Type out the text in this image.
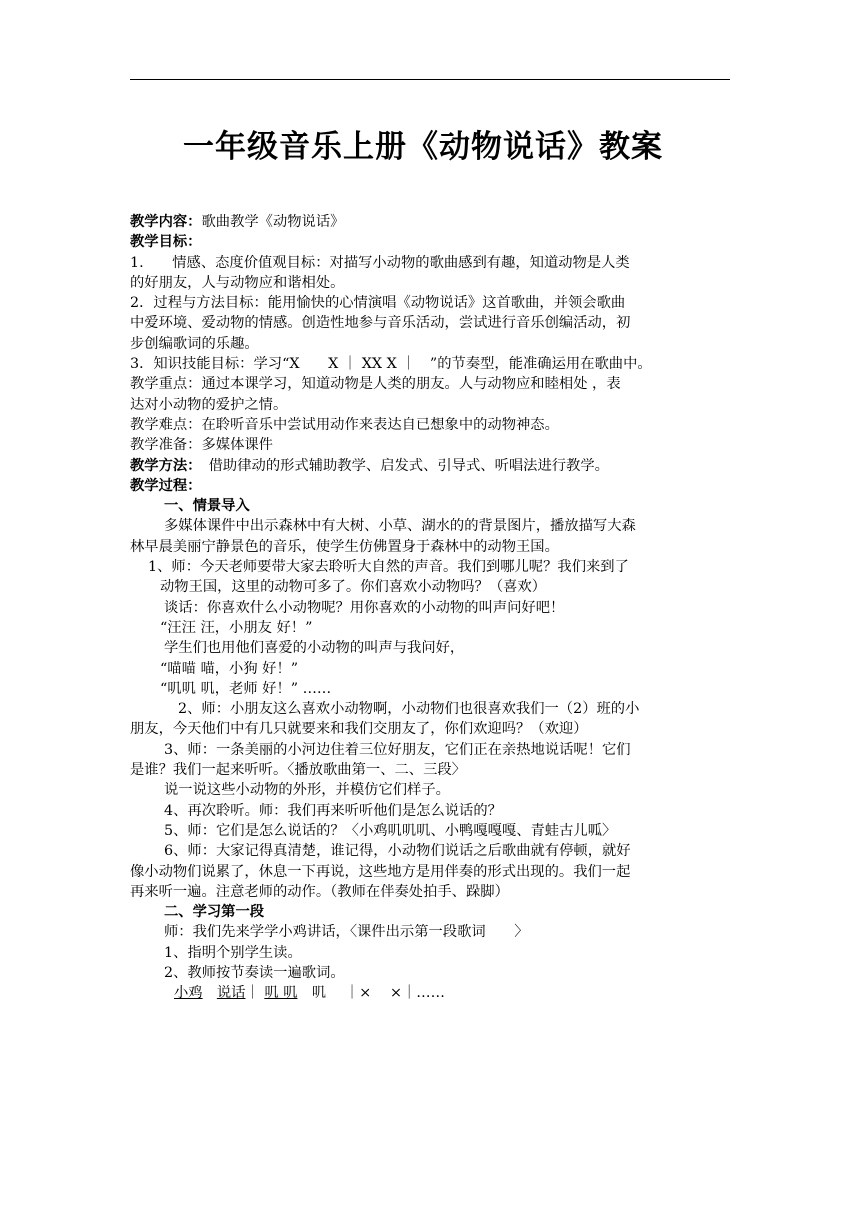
一年级音乐上册《动物说话》教案

教学内容：歌曲教学《动物说话》

教学目标：

1.　　情感、态度价值观目标：对描写小动物的歌曲感到有趣，知道动物是人类

的好朋友，人与动物应和谐相处。

2．过程与方法目标：能用愉快的心情演唱《动物说话》这首歌曲，并领会歌曲

中爱环境、爱动物的情感。创造性地参与音乐活动，尝试进行音乐创编活动，初

步创编歌词的乐趣。

3．知识技能目标：学习“X　　X ｜ XX X ｜　”的节奏型，能准确运用在歌曲中。

教学重点：通过本课学习，知道动物是人类的朋友。人与动物应和睦相处 ，表

达对小动物的爱护之情。

教学难点：在聆听音乐中尝试用动作来表达自已想象中的动物神态。

教学准备：多媒体课件

教学方法：　借助律动的形式辅助教学、启发式、引导式、听唱法进行教学。

教学过程：

一、情景导入

多媒体课件中出示森林中有大树、小草、湖水的的背景图片，播放描写大森

林早晨美丽宁静景色的音乐，使学生仿佛置身于森林中的动物王国。

1、师：今天老师要带大家去聆听大自然的声音。我们到哪儿呢？我们来到了

动物王国，这里的动物可多了。你们喜欢小动物吗？（喜欢）

谈话：你喜欢什么小动物呢？用你喜欢的小动物的叫声问好吧！

“汪汪 汪，小朋友 好！”

学生们也用他们喜爱的小动物的叫声与我问好，

“喵喵 喵，小狗 好！”

“叽叽 叽，老师 好！” ……

2、师：小朋友这么喜欢小动物啊，小动物们也很喜欢我们一（2）班的小

朋友，今天他们中有几只就要来和我们交朋友了，你们欢迎吗？（欢迎）

3、师：一条美丽的小河边住着三位好朋友，它们正在亲热地说话呢！它们

是谁？我们一起来听听。〈播放歌曲第一、二、三段〉

说一说这些小动物的外形，并模仿它们样子。

4、再次聆听。师：我们再来听听他们是怎么说话的？

5、师：它们是怎么说话的？〈小鸡叽叽叽、小鸭嘎嘎嘎、青蛙古儿呱〉

6、师：大家记得真清楚，谁记得，小动物们说话之后歌曲就有停顿，就好

像小动物们说累了，休息一下再说，这些地方是用伴奏的形式出现的。我们一起

再来听一遍。注意老师的动作。（教师在伴奏处拍手、跺脚）

二、学习第一段

师：我们先来学学小鸡讲话，〈课件出示第一段歌词　　〉

1、指明个别学生读。

2、教师按节奏读一遍歌词。

小鸡　 说话｜ 叽 叽　 叽　 ｜×　 ×｜……
